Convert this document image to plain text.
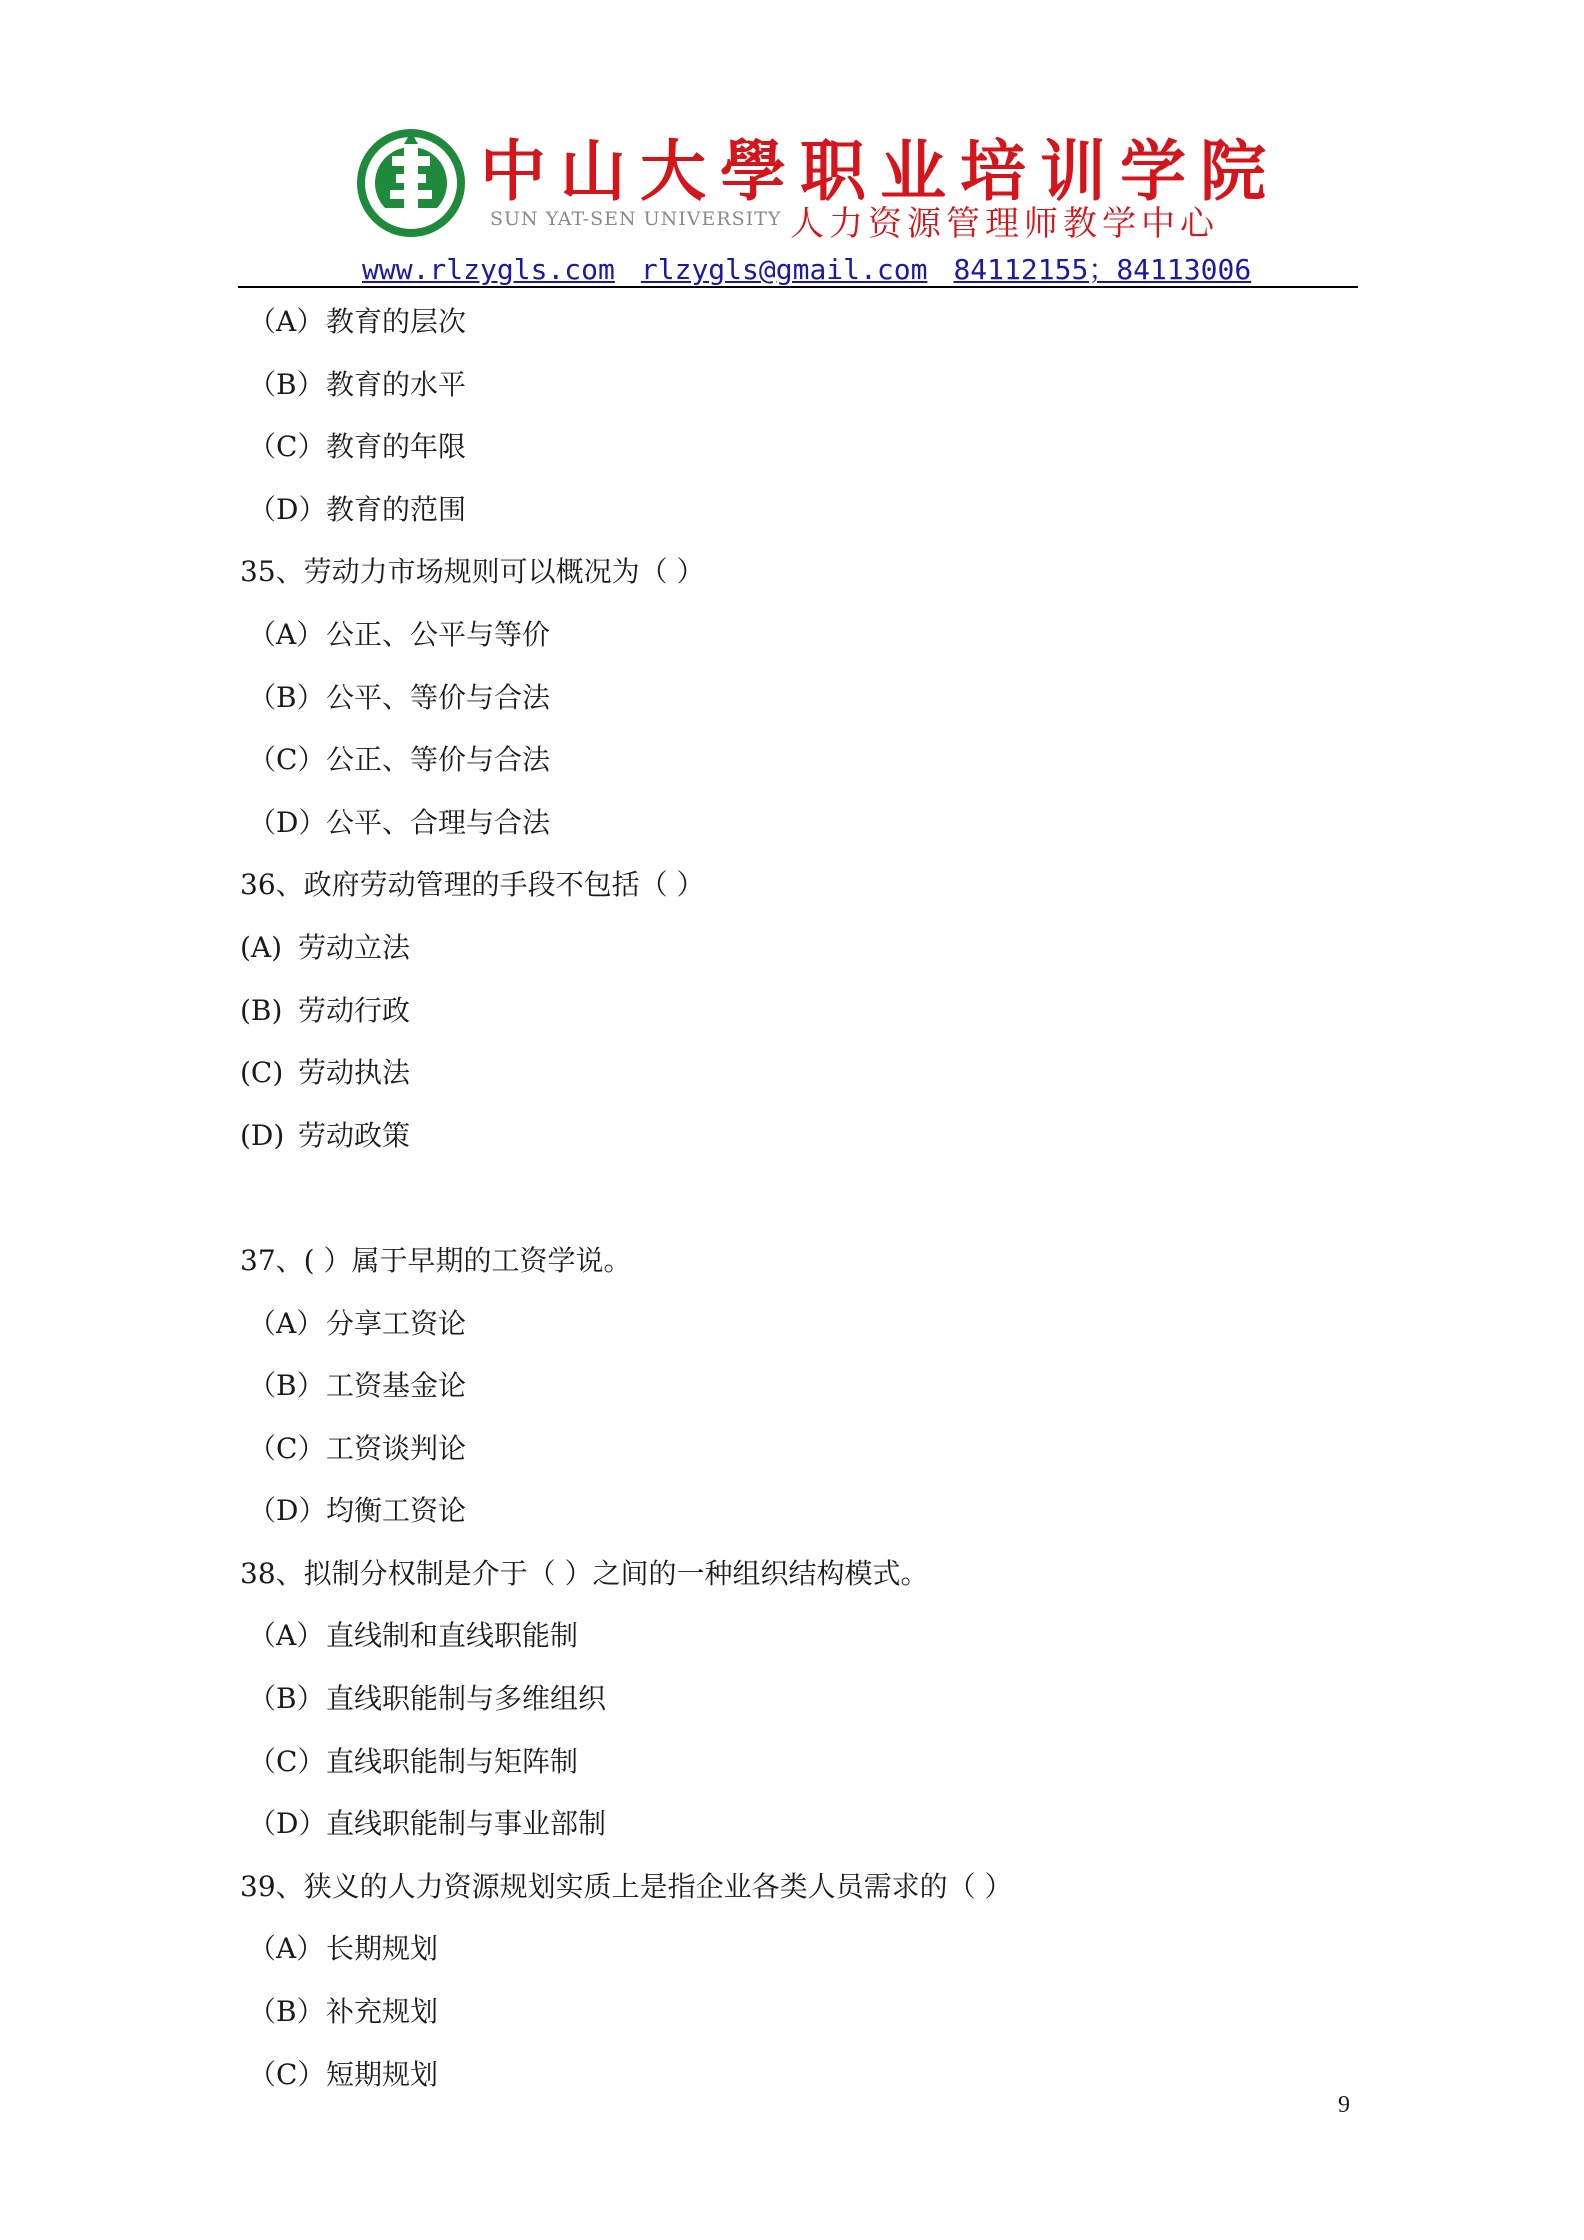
中山大學职业培训学院
SUN YAT-SEN UNIVERSITY 人力资源管理师教学中心
www.rlzygls.com rlzygls@gmail.com 84112155；84113006
（A）教育的层次
（B）教育的水平
（C）教育的年限
（D）教育的范围
35、劳动力市场规则可以概况为（ ）
（A）公正、公平与等价
（B）公平、等价与合法
（C）公正、等价与合法
（D）公平、合理与合法
36、政府劳动管理的手段不包括（ ）
(A) 劳动立法
(B) 劳动行政
(C) 劳动执法
(D) 劳动政策
37、( ）属于早期的工资学说。
（A）分享工资论
（B）工资基金论
（C）工资谈判论
（D）均衡工资论
38、拟制分权制是介于（ ）之间的一种组织结构模式。
（A）直线制和直线职能制
（B）直线职能制与多维组织
（C）直线职能制与矩阵制
（D）直线职能制与事业部制
39、狭义的人力资源规划实质上是指企业各类人员需求的（ ）
（A）长期规划
（B）补充规划
（C）短期规划
9
